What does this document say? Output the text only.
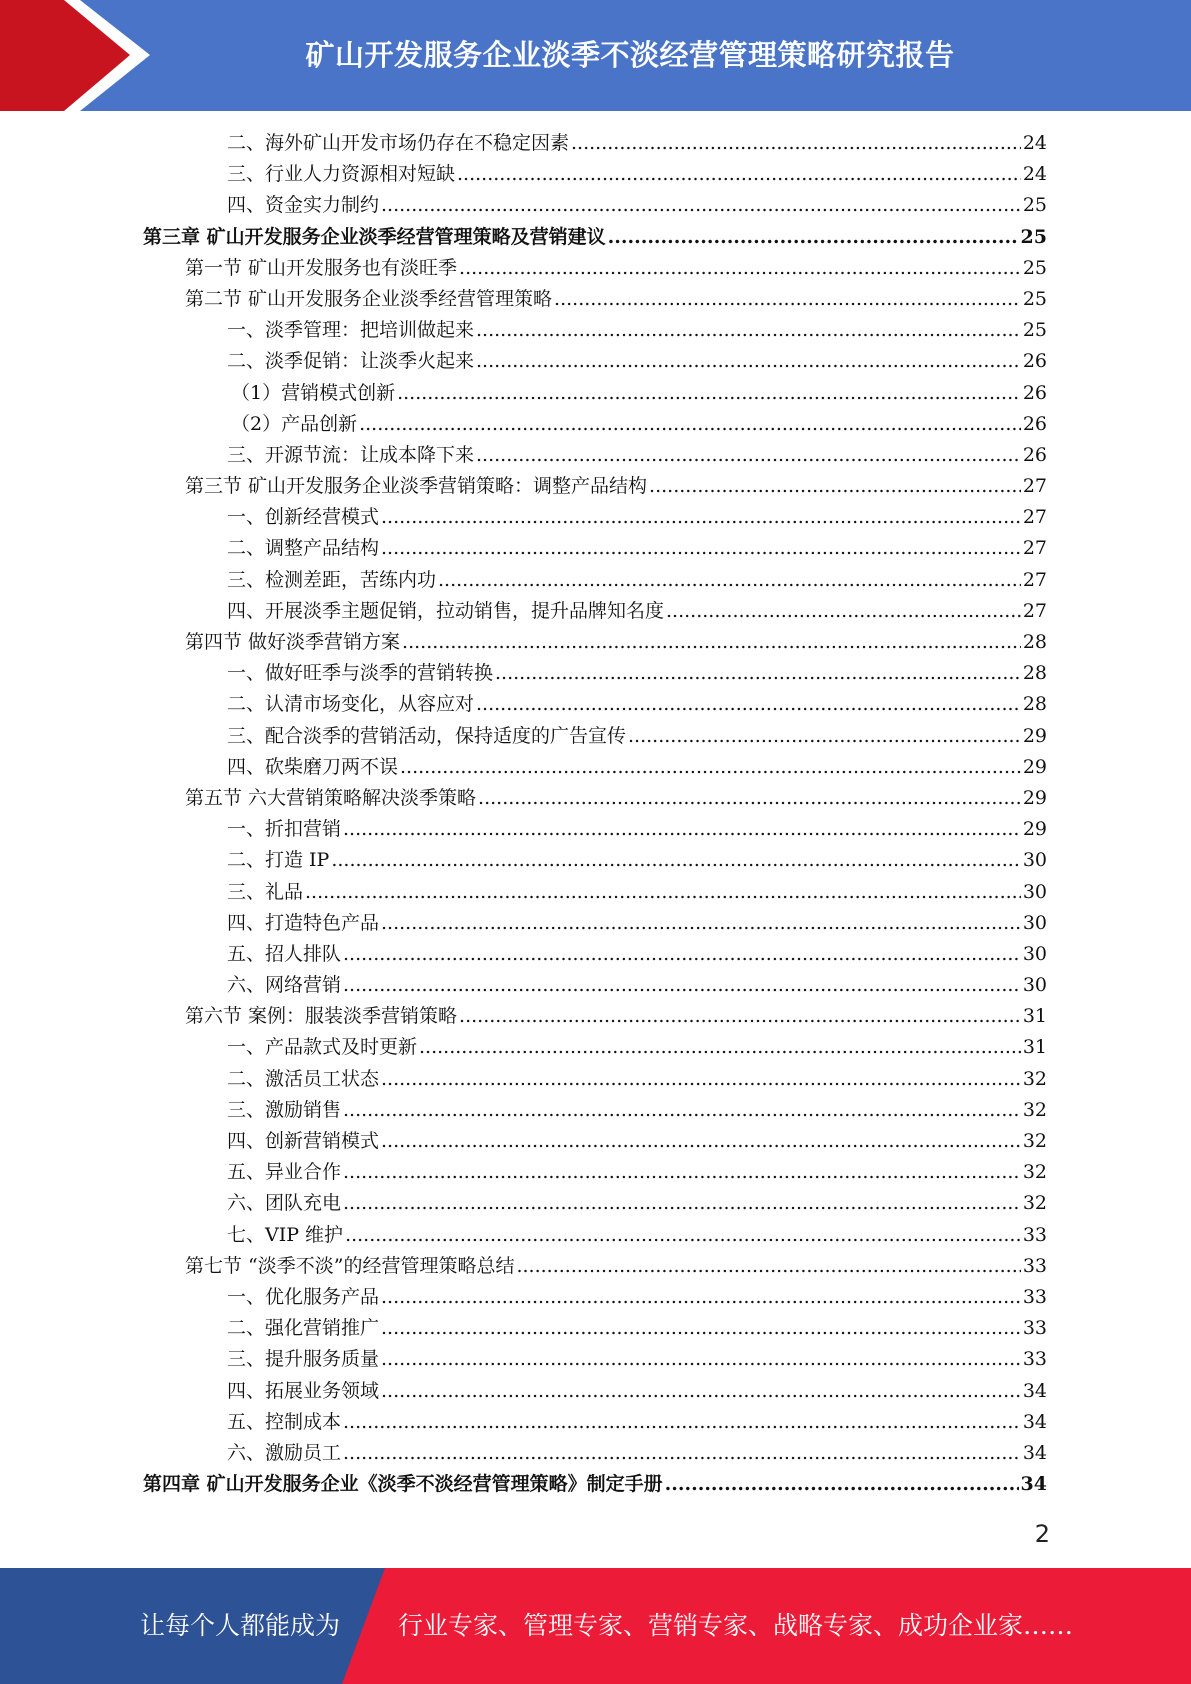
矿山开发服务企业淡季不淡经营管理策略研究报告
二、海外矿山开发市场仍存在不稳定因素 .....	24
三、行业人力资源相对短缺 .....	24
四、资金实力制约 .....	25
第三章 矿山开发服务企业淡季经营管理策略及营销建议 .....	25
第一节 矿山开发服务也有淡旺季 .....	25
第二节 矿山开发服务企业淡季经营管理策略 .....	25
一、淡季管理：把培训做起来 .....	25
二、淡季促销：让淡季火起来 .....	26
（1）营销模式创新 .....	26
（2）产品创新 .....	26
三、开源节流：让成本降下来 .....	26
第三节 矿山开发服务企业淡季营销策略：调整产品结构 .....	27
一、创新经营模式 .....	27
二、调整产品结构 .....	27
三、检测差距，苦练内功 .....	27
四、开展淡季主题促销，拉动销售，提升品牌知名度 .....	27
第四节 做好淡季营销方案 .....	28
一、做好旺季与淡季的营销转换 .....	28
二、认清市场变化，从容应对 .....	28
三、配合淡季的营销活动，保持适度的广告宣传 .....	29
四、砍柴磨刀两不误 .....	29
第五节 六大营销策略解决淡季策略 .....	29
一、折扣营销 .....	29
二、打造 IP .....	30
三、礼品 .....	30
四、打造特色产品 .....	30
五、招人排队 .....	30
六、网络营销 .....	30
第六节 案例：服装淡季营销策略 .....	31
一、产品款式及时更新 .....	31
二、激活员工状态 .....	32
三、激励销售 .....	32
四、创新营销模式 .....	32
五、异业合作 .....	32
六、团队充电 .....	32
七、VIP 维护 .....	33
第七节 “淡季不淡”的经营管理策略总结 .....	33
一、优化服务产品 .....	33
二、强化营销推广 .....	33
三、提升服务质量 .....	33
四、拓展业务领域 .....	34
五、控制成本 .....	34
六、激励员工 .....	34
第四章 矿山开发服务企业《淡季不淡经营管理策略》制定手册 .....	34
2
让每个人都能成为 行业专家、管理专家、营销专家、战略专家、成功企业家……
